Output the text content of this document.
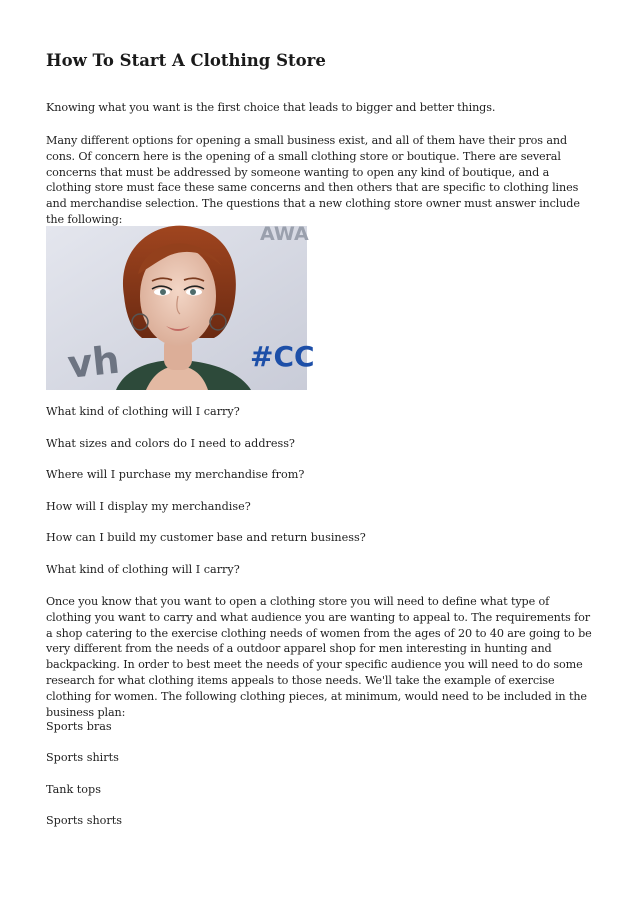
How To Start A Clothing Store

Knowing what you want is the first choice that leads to bigger and better things.

Many different options for opening a small business exist, and all of them have their pros and cons. Of concern here is the opening of a small clothing store or boutique. There are several concerns that must be addressed by someone wanting to open any kind of boutique, and a clothing store must face these same concerns and then others that are specific to clothing lines and merchandise selection. The questions that a new clothing store owner must answer include the following:

AWA
vh	#CC

What kind of clothing will I carry?

What sizes and colors do I need to address?

Where will I purchase my merchandise from?

How will I display my merchandise?

How can I build my customer base and return business?

What kind of clothing will I carry?

Once you know that you want to open a clothing store you will need to define what type of clothing you want to carry and what audience you are wanting to appeal to. The requirements for a shop catering to the exercise clothing needs of women from the ages of 20 to 40 are going to be very different from the needs of a outdoor apparel shop for men interesting in hunting and backpacking. In order to best meet the needs of your specific audience you will need to do some research for what clothing items appeals to those needs. We'll take the example of exercise clothing for women. The following clothing pieces, at minimum, would need to be included in the business plan:

Sports bras

Sports shirts

Tank tops

Sports shorts
